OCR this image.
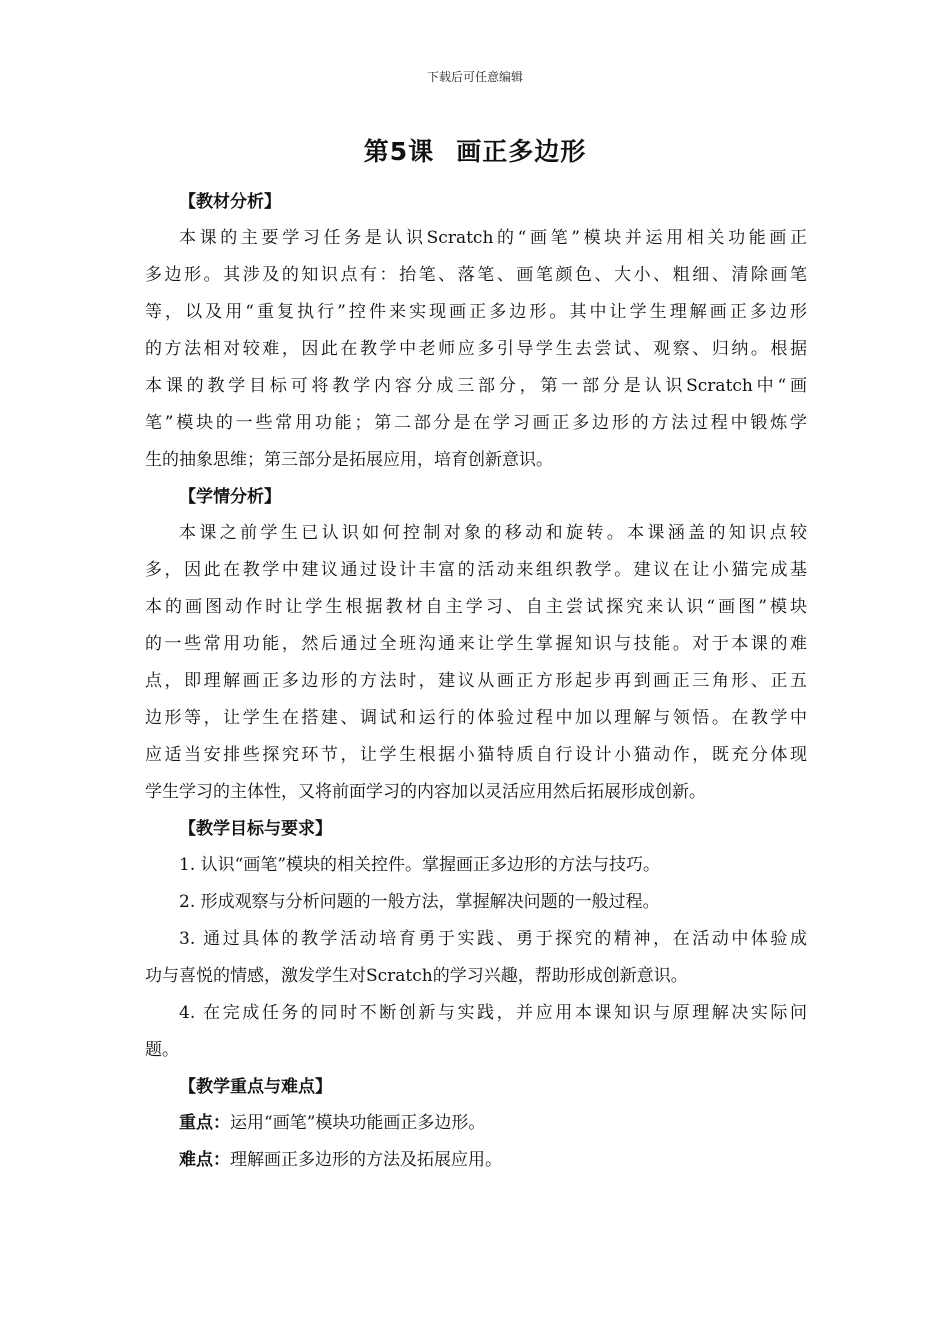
下载后可任意编辑
第5课 画正多边形
【教材分析】
本课的主要学习任务是认识Scratch的“画笔”模块并运用相关功能画正
多边形。其涉及的知识点有：抬笔、落笔、画笔颜色、大小、粗细、清除画笔
等，以及用“重复执行”控件来实现画正多边形。其中让学生理解画正多边形
的方法相对较难，因此在教学中老师应多引导学生去尝试、观察、归纳。根据
本课的教学目标可将教学内容分成三部分，第一部分是认识Scratch中“画
笔”模块的一些常用功能；第二部分是在学习画正多边形的方法过程中锻炼学
生的抽象思维；第三部分是拓展应用，培育创新意识。
【学情分析】
本课之前学生已认识如何控制对象的移动和旋转。本课涵盖的知识点较
多，因此在教学中建议通过设计丰富的活动来组织教学。建议在让小猫完成基
本的画图动作时让学生根据教材自主学习、自主尝试探究来认识“画图”模块
的一些常用功能，然后通过全班沟通来让学生掌握知识与技能。对于本课的难
点，即理解画正多边形的方法时，建议从画正方形起步再到画正三角形、正五
边形等，让学生在搭建、调试和运行的体验过程中加以理解与领悟。在教学中
应适当安排些探究环节，让学生根据小猫特质自行设计小猫动作，既充分体现
学生学习的主体性，又将前面学习的内容加以灵活应用然后拓展形成创新。
【教学目标与要求】
1. 认识“画笔”模块的相关控件。掌握画正多边形的方法与技巧。
2. 形成观察与分析问题的一般方法，掌握解决问题的一般过程。
3. 通过具体的教学活动培育勇于实践、勇于探究的精神，在活动中体验成
功与喜悦的情感，激发学生对Scratch的学习兴趣，帮助形成创新意识。
4. 在完成任务的同时不断创新与实践，并应用本课知识与原理解决实际问
题。
【教学重点与难点】
重点：运用“画笔”模块功能画正多边形。
难点：理解画正多边形的方法及拓展应用。
